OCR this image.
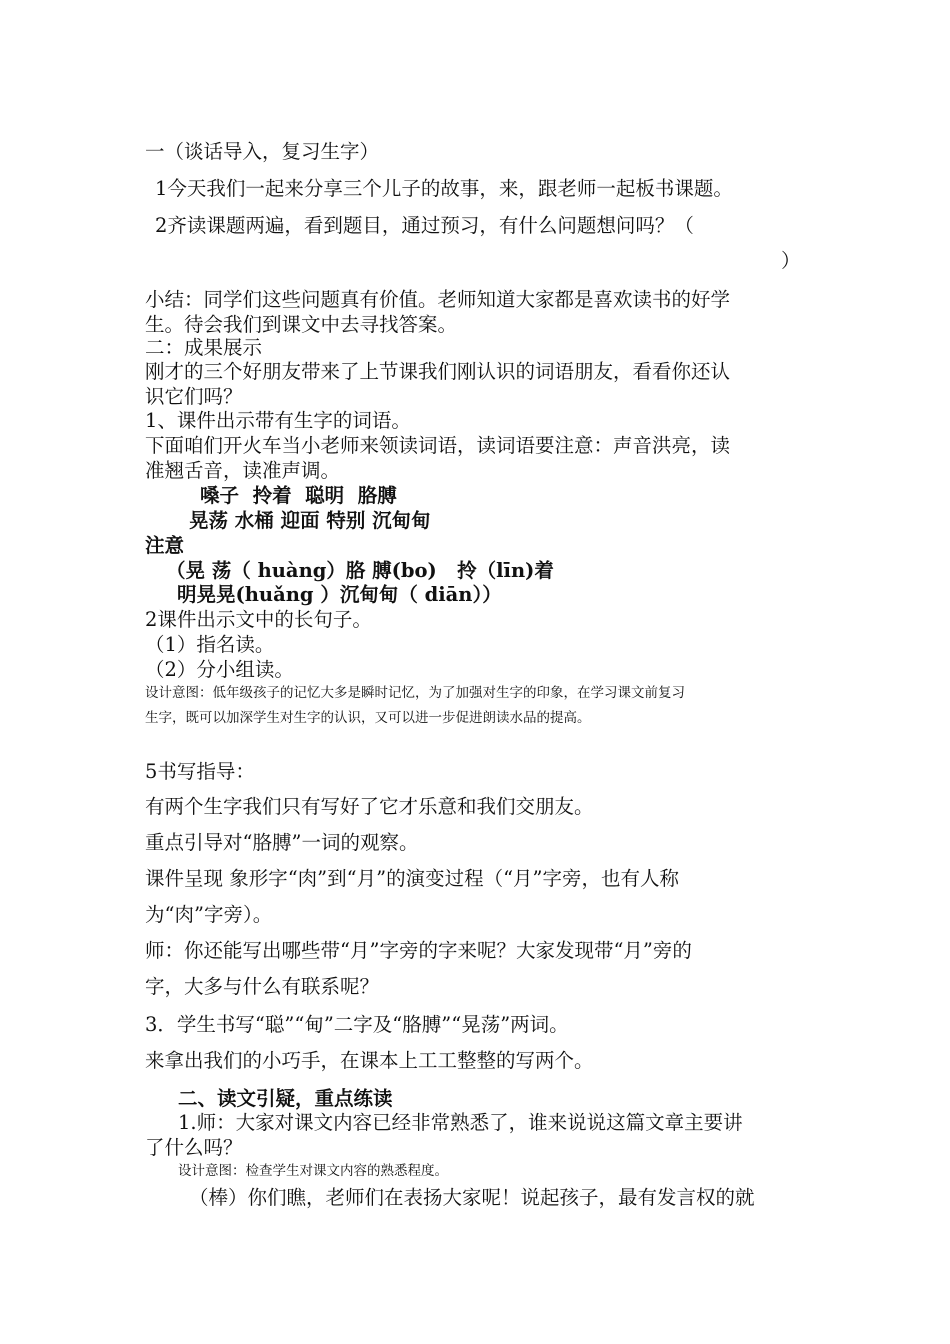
一（谈话导入，复习生字）
1今天我们一起来分享三个儿子的故事，来，跟老师一起板书课题。
2齐读课题两遍，看到题目，通过预习，有什么问题想问吗？（
）
小结：同学们这些问题真有价值。老师知道大家都是喜欢读书的好学
生。待会我们到课文中去寻找答案。
二：成果展示
刚才的三个好朋友带来了上节课我们刚认识的词语朋友，看看你还认
识它们吗？
1、课件出示带有生字的词语。
下面咱们开火车当小老师来领读词语，读词语要注意：声音洪亮，读
准翘舌音，读准声调。
嗓子  拎着  聪明  胳膊
晃荡 水桶 迎面 特别 沉甸甸
注意
（晃 荡（ huàng）胳 膊(bo)   拎（līn)着
明晃晃(huǎng ）沉甸甸（ diān））
2课件出示文中的长句子。
（1）指名读。
（2）分小组读。
设计意图：低年级孩子的记忆大多是瞬时记忆，为了加强对生字的印象，在学习课文前复习
生字，既可以加深学生对生字的认识，又可以进一步促进朗读水品的提高。
5书写指导：
有两个生字我们只有写好了它才乐意和我们交朋友。
重点引导对“胳膊”一词的观察。
课件呈现 象形字“肉”到“月”的演变过程（“月”字旁，也有人称
为“肉”字旁）。
师：你还能写出哪些带“月”字旁的字来呢？大家发现带“月”旁的
字，大多与什么有联系呢？
3．学生书写“聪”“甸”二字及“胳膊”“晃荡”两词。
来拿出我们的小巧手，在课本上工工整整的写两个。
二、读文引疑，重点练读
1.师：大家对课文内容已经非常熟悉了，谁来说说这篇文章主要讲
了什么吗？
设计意图：检查学生对课文内容的熟悉程度。
（棒）你们瞧，老师们在表扬大家呢！说起孩子，最有发言权的就
